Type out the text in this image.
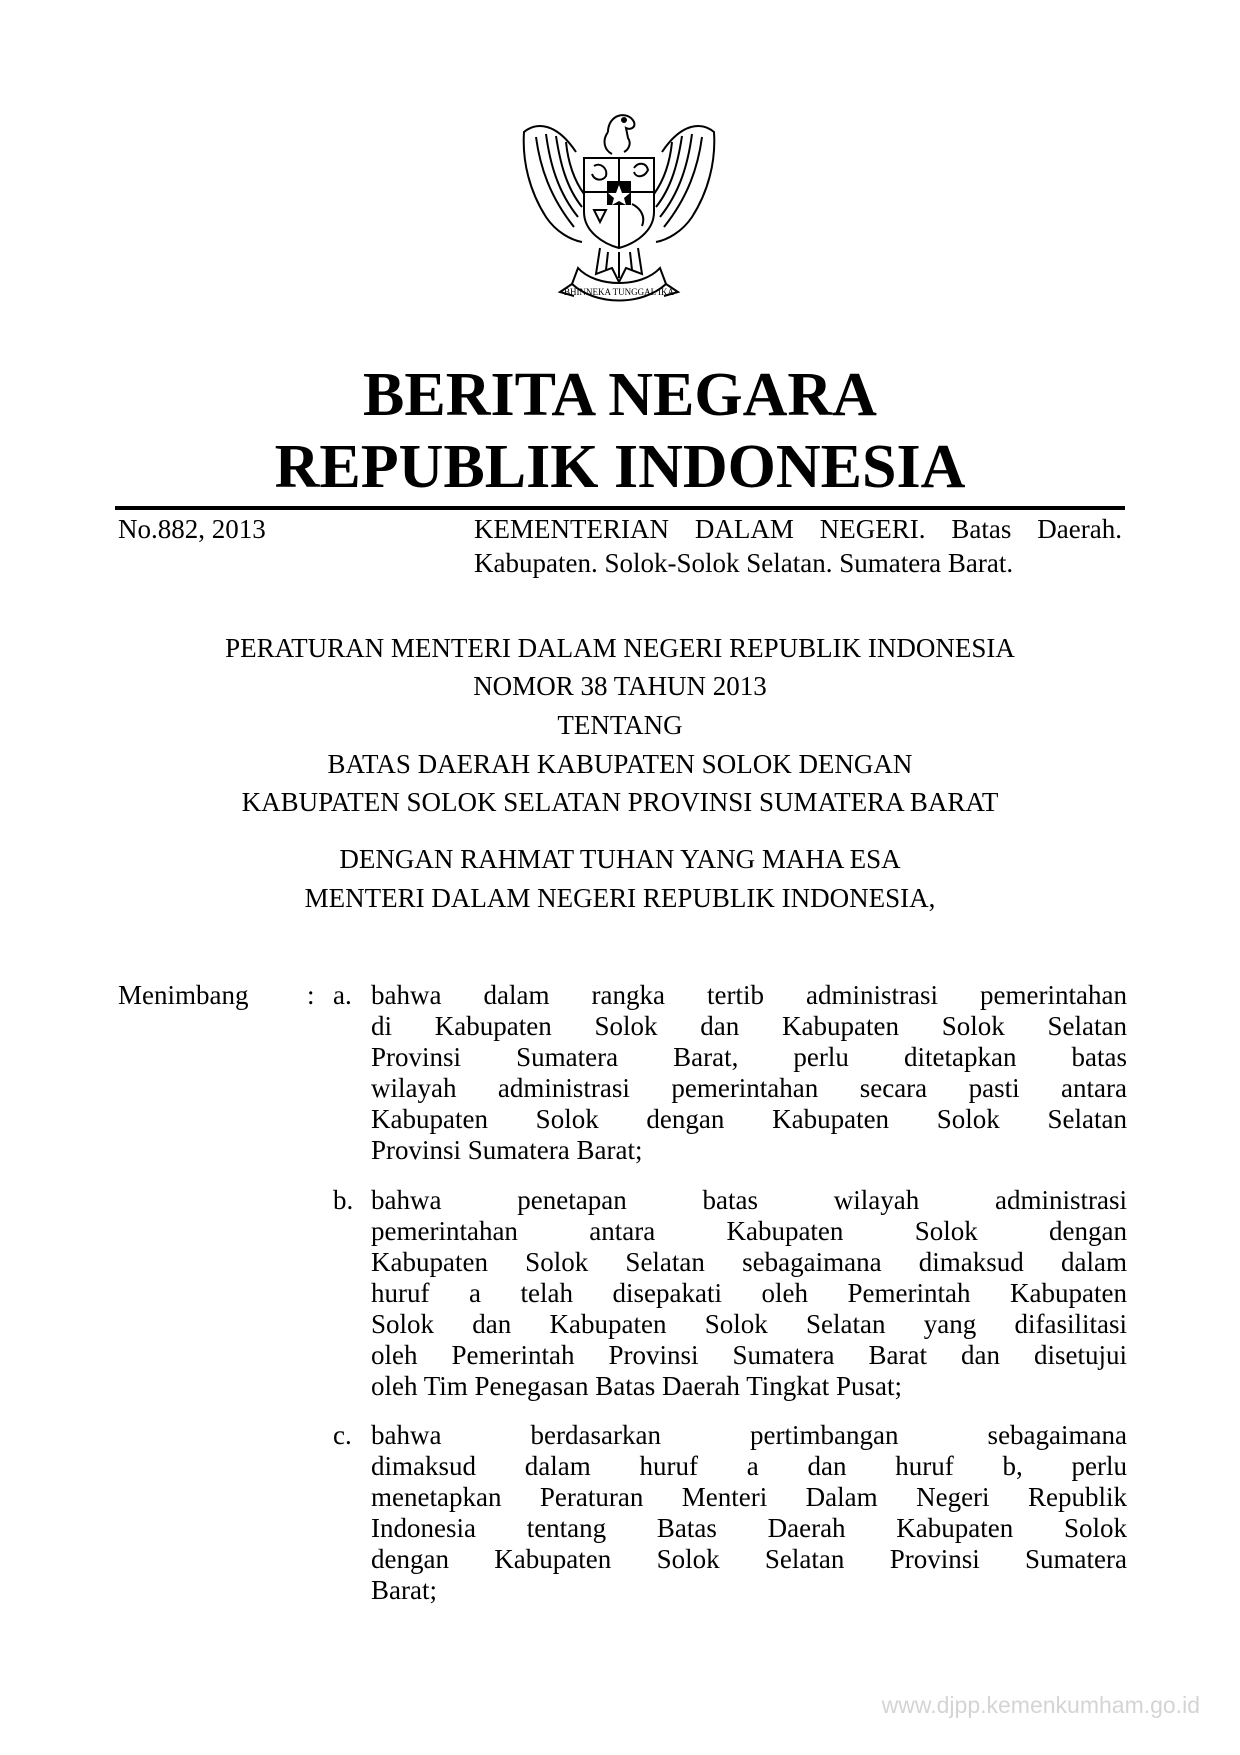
BHINNEKA TUNGGAL IKA
BERITA NEGARA
REPUBLIK INDONESIA
No.882, 2013	KEMENTERIAN DALAM NEGERI. Batas Daerah.
Kabupaten. Solok-Solok Selatan. Sumatera Barat.
PERATURAN MENTERI DALAM NEGERI REPUBLIK INDONESIA
NOMOR 38 TAHUN 2013
TENTANG
BATAS DAERAH KABUPATEN SOLOK DENGAN
KABUPATEN SOLOK SELATAN PROVINSI SUMATERA BARAT
DENGAN RAHMAT TUHAN YANG MAHA ESA
MENTERI DALAM NEGERI REPUBLIK INDONESIA,
Menimbang : a. bahwa dalam rangka tertib administrasi pemerintahan
di Kabupaten Solok dan Kabupaten Solok Selatan
Provinsi Sumatera Barat, perlu ditetapkan batas
wilayah administrasi pemerintahan secara pasti antara
Kabupaten Solok dengan Kabupaten Solok Selatan
Provinsi Sumatera Barat;
b. bahwa penetapan batas wilayah administrasi
pemerintahan antara Kabupaten Solok dengan
Kabupaten Solok Selatan sebagaimana dimaksud dalam
huruf a telah disepakati oleh Pemerintah Kabupaten
Solok dan Kabupaten Solok Selatan yang difasilitasi
oleh Pemerintah Provinsi Sumatera Barat dan disetujui
oleh Tim Penegasan Batas Daerah Tingkat Pusat;
c. bahwa berdasarkan pertimbangan sebagaimana
dimaksud dalam huruf a dan huruf b, perlu
menetapkan Peraturan Menteri Dalam Negeri Republik
Indonesia tentang Batas Daerah Kabupaten Solok
dengan Kabupaten Solok Selatan Provinsi Sumatera
Barat;
www.djpp.kemenkumham.go.id
